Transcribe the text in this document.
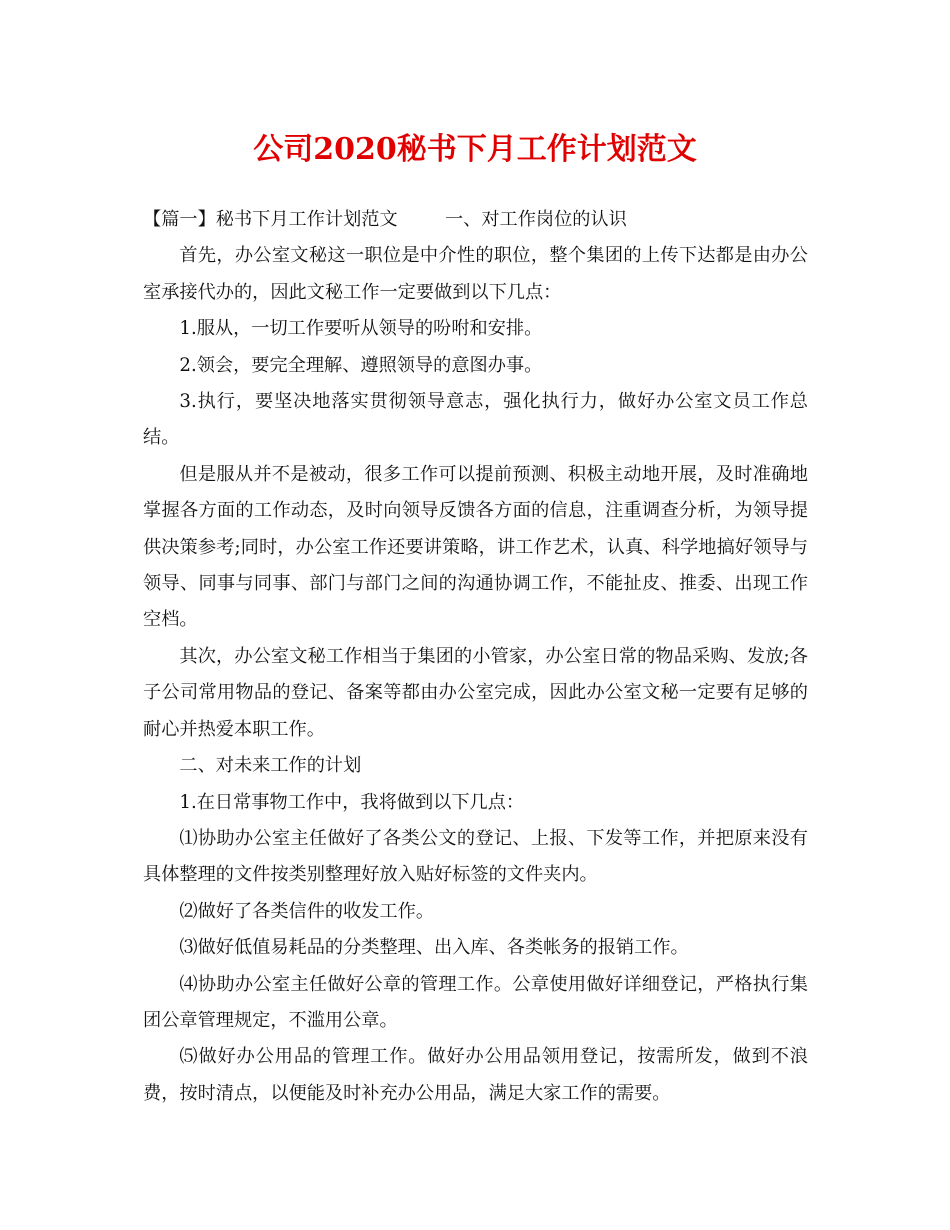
公司2020秘书下月工作计划范文

【篇一】秘书下月工作计划范文	一、对工作岗位的认识

首先，办公室文秘这一职位是中介性的职位，整个集团的上传下达都是由办公室承接代办的，因此文秘工作一定要做到以下几点：

1.服从，一切工作要听从领导的吩咐和安排。

2.领会，要完全理解、遵照领导的意图办事。

3.执行，要坚决地落实贯彻领导意志，强化执行力，做好办公室文员工作总结。

但是服从并不是被动，很多工作可以提前预测、积极主动地开展，及时准确地掌握各方面的工作动态，及时向领导反馈各方面的信息，注重调查分析，为领导提供决策参考;同时，办公室工作还要讲策略，讲工作艺术，认真、科学地搞好领导与领导、同事与同事、部门与部门之间的沟通协调工作，不能扯皮、推委、出现工作空档。

其次，办公室文秘工作相当于集团的小管家，办公室日常的物品采购、发放;各子公司常用物品的登记、备案等都由办公室完成，因此办公室文秘一定要有足够的耐心并热爱本职工作。

二、对未来工作的计划

1.在日常事物工作中，我将做到以下几点：

⑴协助办公室主任做好了各类公文的登记、上报、下发等工作，并把原来没有具体整理的文件按类别整理好放入贴好标签的文件夹内。

⑵做好了各类信件的收发工作。

⑶做好低值易耗品的分类整理、出入库、各类帐务的报销工作。

⑷协助办公室主任做好公章的管理工作。公章使用做好详细登记，严格执行集团公章管理规定，不滥用公章。

⑸做好办公用品的管理工作。做好办公用品领用登记，按需所发，做到不浪费，按时清点，以便能及时补充办公用品，满足大家工作的需要。
